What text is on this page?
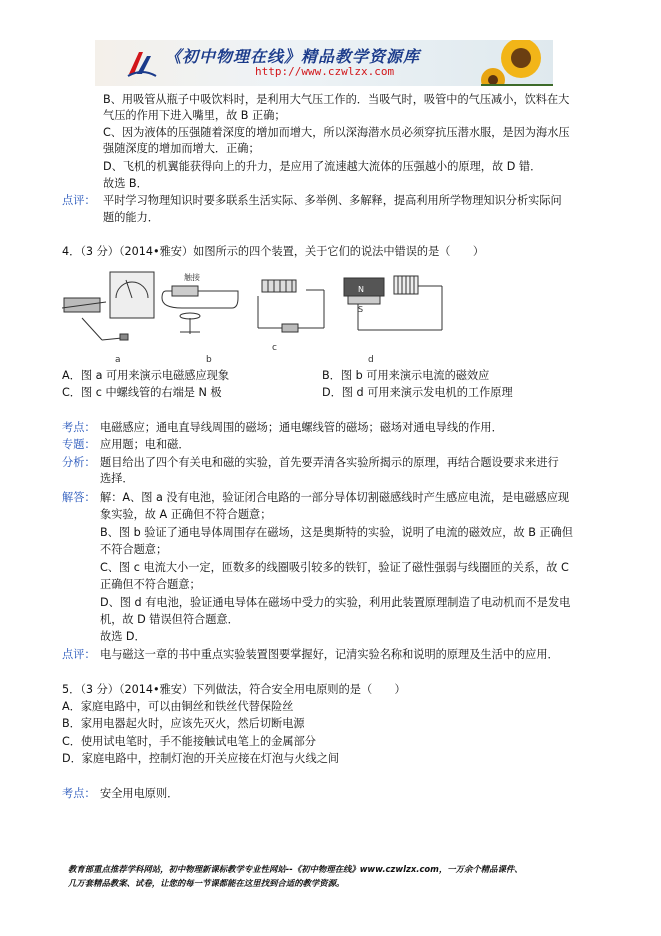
《初中物理在线》精品教学资源库
http://www.czwlzx.com
B、用吸管从瓶子中吸饮料时，是利用大气压工作的．当吸气时，吸管中的气压减小，饮料在大
气压的作用下进入嘴里，故 B 正确；
C、因为液体的压强随着深度的增加而增大，所以深海潜水员必须穿抗压潜水服，是因为海水压
强随深度的增加而增大．正确；
D、飞机的机翼能获得向上的升力，是应用了流速越大流体的压强越小的原理，故 D 错．
故选 B．
点评： 平时学习物理知识时要多联系生活实际、多举例、多解释，提高利用所学物理知识分析实际问
题的能力．
4．（3 分）（2014•雅安）如图所示的四个装置，关于它们的说法中错误的是（　　）
a
触接
b
c
N
S
d
A．图 a 可用来演示电磁感应现象	B．图 b 可用来演示电流的磁效应
C．图 c 中螺线管的右端是 N 极	D．图 d 可用来演示发电机的工作原理
考点： 电磁感应；通电直导线周围的磁场；通电螺线管的磁场；磁场对通电导线的作用．
专题： 应用题；电和磁．
分析： 题目给出了四个有关电和磁的实验，首先要弄清各实验所揭示的原理，再结合题设要求来进行
选择．
解答： 解：A、图 a 没有电池，验证闭合电路的一部分导体切割磁感线时产生感应电流，是电磁感应现
象实验，故 A 正确但不符合题意；
B、图 b 验证了通电导体周围存在磁场，这是奥斯特的实验，说明了电流的磁效应，故 B 正确但
不符合题意；
C、图 c 电流大小一定，匝数多的线圈吸引较多的铁钉，验证了磁性强弱与线圈匝的关系，故 C
正确但不符合题意；
D、图 d 有电池，验证通电导体在磁场中受力的实验，利用此装置原理制造了电动机而不是发电
机，故 D 错误但符合题意．
故选 D．
点评： 电与磁这一章的书中重点实验装置图要掌握好，记清实验名称和说明的原理及生活中的应用．
5．（3 分）（2014•雅安）下列做法，符合安全用电原则的是（　　）
A．家庭电路中，可以由铜丝和铁丝代替保险丝
B．家用电器起火时，应该先灭火，然后切断电源
C．使用试电笔时，手不能接触试电笔上的金属部分
D．家庭电路中，控制灯泡的开关应接在灯泡与火线之间
考点： 安全用电原则．
教育部重点推荐学科网站，初中物理新课标教学专业性网站--《初中物理在线》www.czwlzx.com，一万余个精品课件、
几万套精品教案、试卷，让您的每一节课都能在这里找到合适的教学资源。
